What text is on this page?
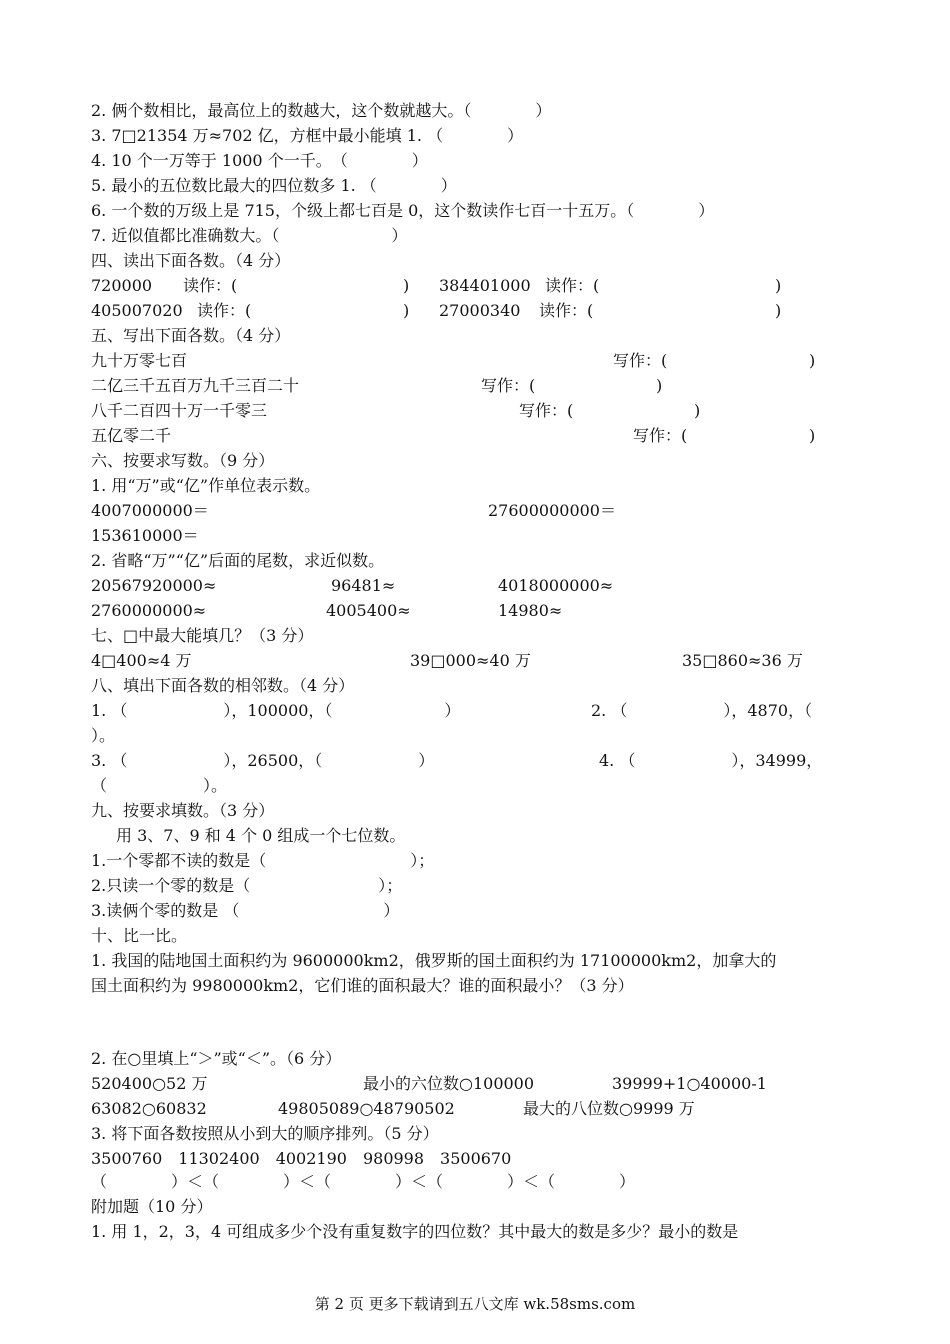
2. 俩个数相比，最高位上的数越大，这个数就越大。（　　　　）
3. 7□21354 万≈702 亿，方框中最小能填 1. （　　　　）
4. 10 个一万等于 1000 个一千。　（　　　　）
5. 最小的五位数比最大的四位数多 1. （　　　　）
6. 一个数的万级上是 715，个级上都七百是 0，这个数读作七百一十五万。（　　　　）
7. 近似值都比准确数大。（　　　　　　　）
四、读出下面各数。（4 分）
720000 读作：(	) 384401000 读作：(	)
405007020 读作：(	) 27000340 读作：(	)
五、写出下面各数。（4 分）
九十万零七百	写作：(	)
二亿三千五百万九千三百二十	写作：(	)
八千二百四十万一千零三	写作：(	)
五亿零二千	写作：(	)
六、按要求写数。（9 分）
1. 用“万”或“亿”作单位表示数。
4007000000＝	27600000000＝
153610000＝
2. 省略“万”“亿”后面的尾数，求近似数。
20567920000≈	96481≈	4018000000≈
2760000000≈	4005400≈	14980≈
七、□中最大能填几？（3 分）
4□400≈4 万	39□000≈40 万	35□860≈36 万
八、填出下面各数的相邻数。（4 分）
1. （　　　　　　），100000，（　　　　　　　）	2. （　　　　　　），4870，（
）。
3. （　　　　　　），26500，（　　　　　　）	4. （　　　　　　），34999，
（　　　　　　）。
九、按要求填数。（3 分）
用 3、7、9 和 4 个 0 组成一个七位数。
1.一个零都不读的数是（　　　　　　　　　）；
2.只读一个零的数是（　　　　　　　　）；
3.读俩个零的数是 （　　　　　　　　　）
十、比一比。
1. 我国的陆地国土面积约为 9600000km2，俄罗斯的国土面积约为 17100000km2，加拿大的
国土面积约为 9980000km2，它们谁的面积最大？谁的面积最小？（3 分）
2. 在○里填上“＞”或“＜”。（6 分）
520400○52 万	最小的六位数○100000	39999+1○40000-1
63082○60832	49805089○48790502	最大的八位数○9999 万
3. 将下面各数按照从小到大的顺序排列。（5 分）
3500760　11302400　4002190　980998　3500670
（　　　　）＜（　　　　）＜（　　　　）＜（　　　　）＜（　　　　）
附加题（10 分）
1. 用 1，2，3，4 可组成多少个没有重复数字的四位数？其中最大的数是多少？最小的数是
第 2 页 更多下载请到五八文库 wk.58sms.com
